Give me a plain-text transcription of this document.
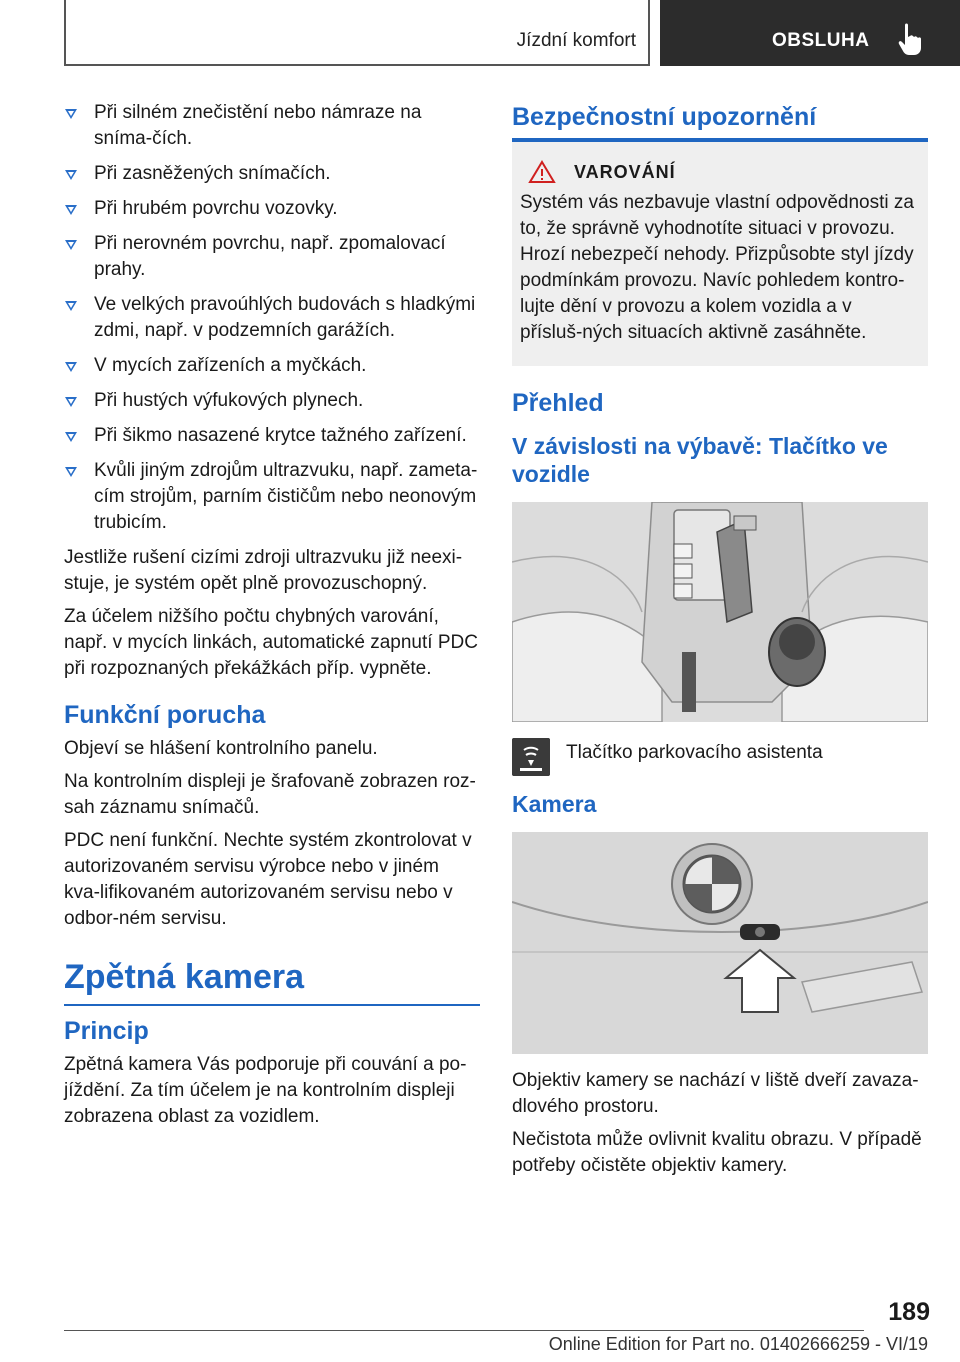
Jízdní komfort	OBSLUHA
Při silném znečistění nebo námraze na sníma-čích.
Při zasněžených snímačích.
Při hrubém povrchu vozovky.
Při nerovném povrchu, např. zpomalovací prahy.
Ve velkých pravoúhlých budovách s hladkými zdmi, např. v podzemních garážích.
V mycích zařízeních a myčkách.
Při hustých výfukových plynech.
Při šikmo nasazené krytce tažného zařízení.
Kvůli jiným zdrojům ultrazvuku, např. zameta-cím strojům, parním čističům nebo neonovým trubicím.

Jestliže rušení cizími zdroji ultrazvuku již neexi-stuje, je systém opět plně provozuschopný.

Za účelem nižšího počtu chybných varování, např. v mycích linkách, automatické zapnutí PDC při rozpoznaných překážkách příp. vypněte.

Funkční porucha

Objeví se hlášení kontrolního panelu.

Na kontrolním displeji je šrafovaně zobrazen roz-sah záznamu snímačů.

PDC není funkční. Nechte systém zkontrolovat v autorizovaném servisu výrobce nebo v jiném kva-lifikovaném autorizovaném servisu nebo v odbor-ném servisu.

Zpětná kamera
Princip

Zpětná kamera Vás podporuje při couvání a po-jíždění. Za tím účelem je na kontrolním displeji zobrazena oblast za vozidlem.

Bezpečnostní upozornění
VAROVÁNÍ

Systém vás nezbavuje vlastní odpovědnosti za to, že správně vyhodnotíte situaci v provozu. Hrozí nebezpečí nehody. Přizpůsobte styl jízdy podmínkám provozu. Navíc pohledem kontro-lujte dění v provozu a kolem vozidla a v přísluš-ných situacích aktivně zasáhněte.

Přehled
V závislosti na výbavě: Tlačítko ve vozidle
Tlačítko parkovacího asistenta
Kamera

Objektiv kamery se nachází v liště dveří zavaza-dlového prostoru.

Nečistota může ovlivnit kvalitu obrazu. V případě potřeby očistěte objektiv kamery.

189
Online Edition for Part no. 01402666259 - VI/19
